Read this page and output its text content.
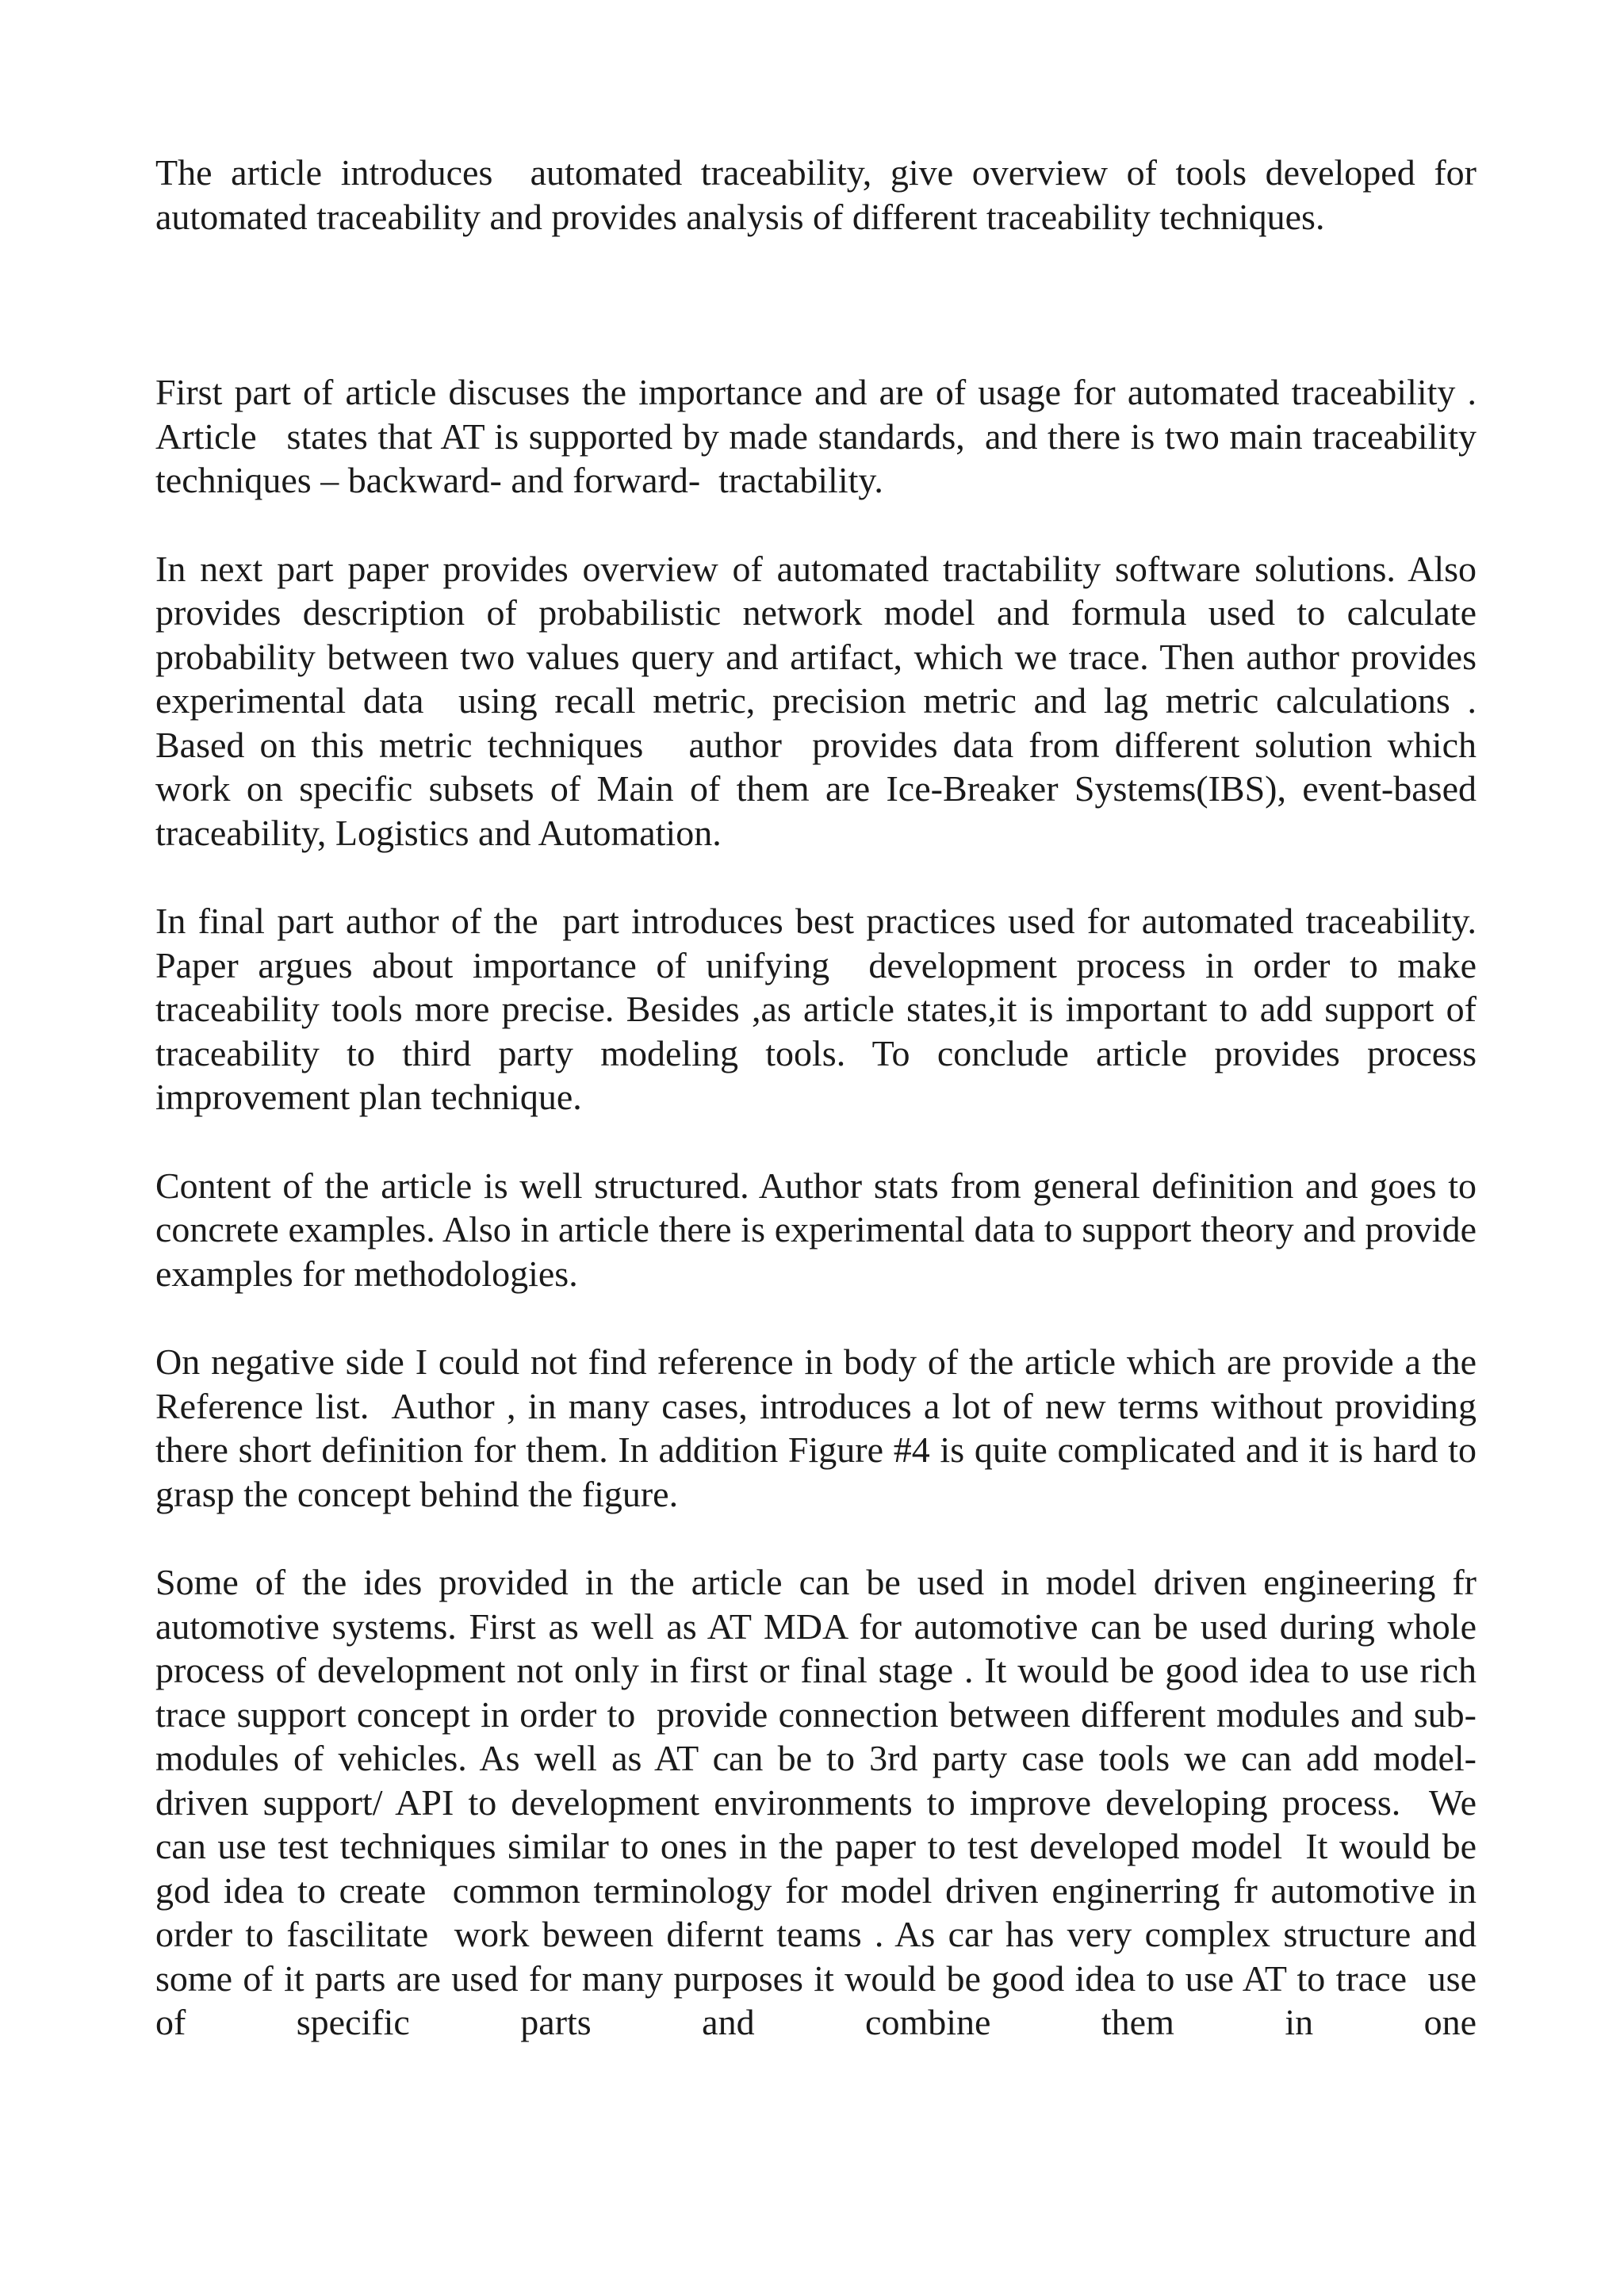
The article introduces  automated traceability, give overview of tools developed for automated traceability and provides analysis of different traceability techniques.

First part of article discuses the importance and are of usage for automated traceability . Article   states that AT is supported by made standards,  and there is two main traceability techniques – backward- and forward-  tractability.

In next part paper provides overview of automated tractability software solutions. Also provides description of probabilistic network model and formula used to calculate probability between two values query and artifact, which we trace. Then author provides experimental data  using recall metric, precision metric and lag metric calculations . Based on this metric techniques   author  provides data from different solution which work on specific subsets of Main of them are Ice-Breaker Systems(IBS), event-based traceability, Logistics and Automation.

In final part author of the  part introduces best practices used for automated traceability. Paper argues about importance of unifying  development process in order to make traceability tools more precise. Besides ,as article states,it is important to add support of traceability to third party modeling tools. To conclude article provides process improvement plan technique.

Content of the article is well structured. Author stats from general definition and goes to concrete examples. Also in article there is experimental data to support theory and provide examples for methodologies.

On negative side I could not find reference in body of the article which are provide a the Reference list.  Author , in many cases, introduces a lot of new terms without providing there short definition for them. In addition Figure #4 is quite complicated and it is hard to grasp the concept behind the figure.

Some of the ides provided in the article can be used in model driven engineering fr automotive systems. First as well as AT MDA for automotive can be used during whole process of development not only in first or final stage . It would be good idea to use rich trace support concept in order to  provide connection between different modules and sub-modules of vehicles. As well as AT can be to 3rd party case tools we can add model-driven support/ API to development environments to improve developing process.  We can use test techniques similar to ones in the paper to test developed model  It would be god idea to create  common terminology for model driven enginerring fr automotive in order to fascilitate  work beween difernt teams . As car has very complex structure and some of it parts are used for many purposes it would be good idea to use AT to trace  use of specific parts and combine them in one
